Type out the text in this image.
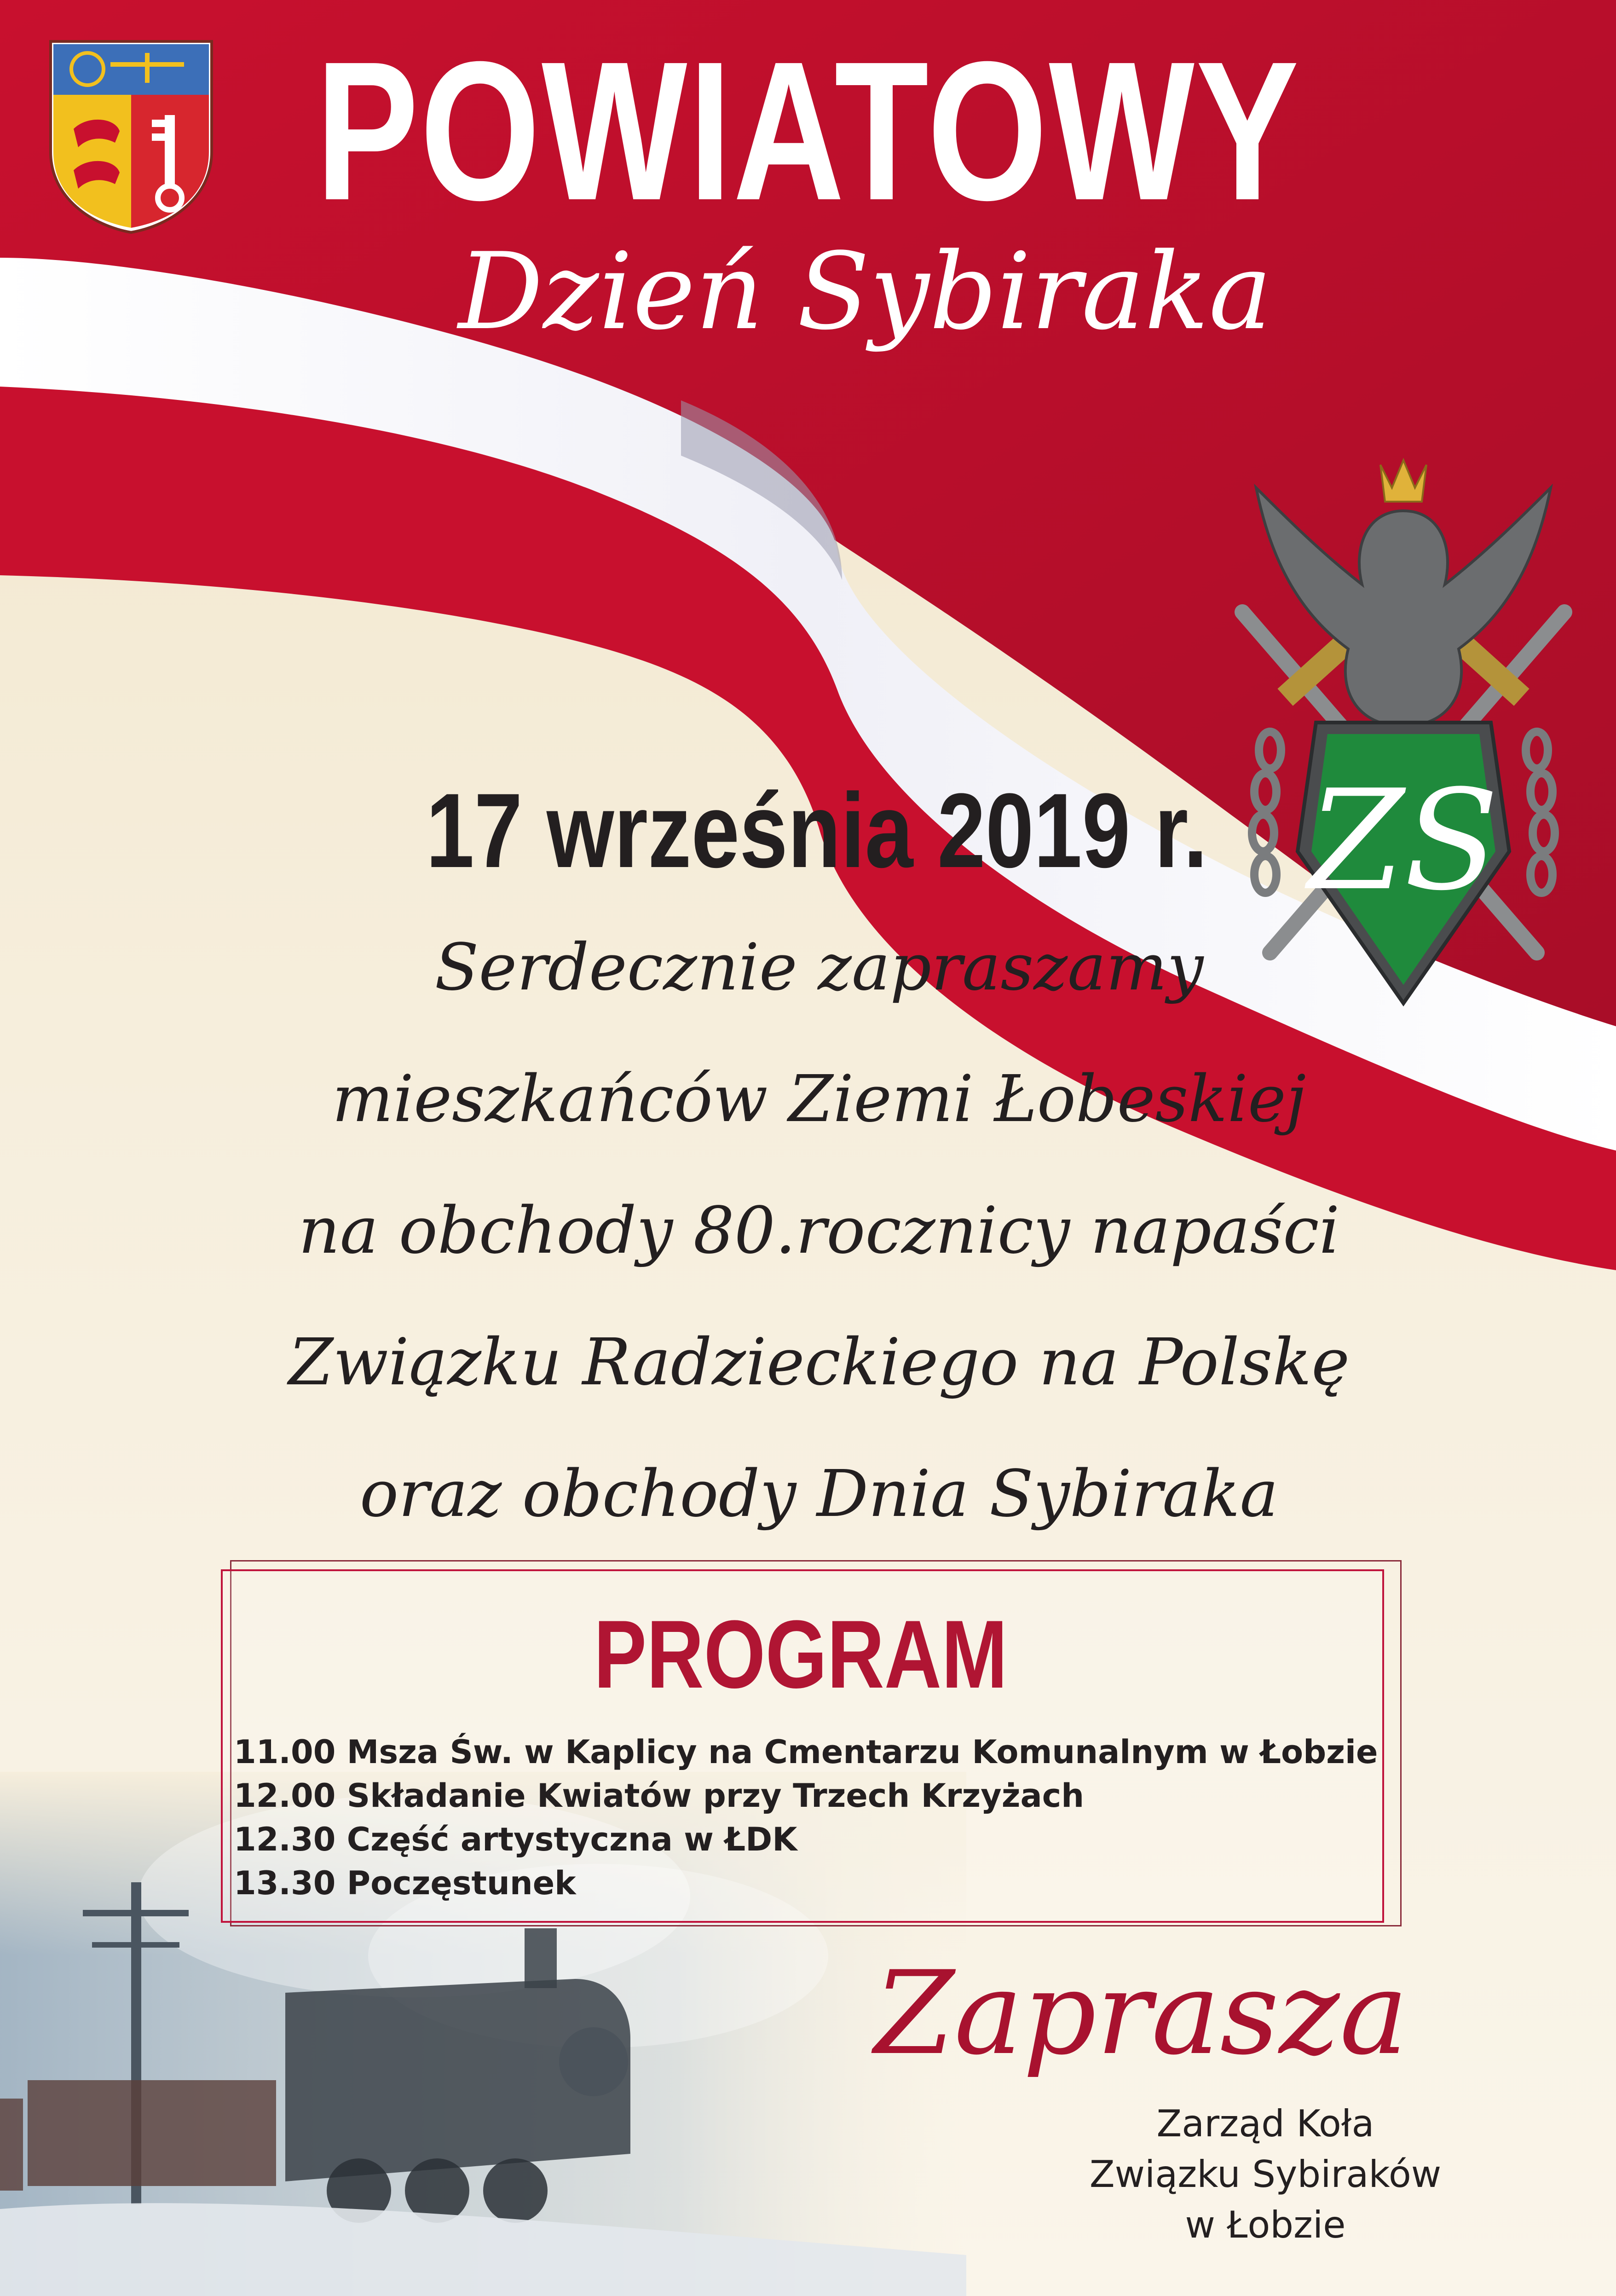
ZS
POWIATOWY
Dzień Sybiraka
17 września 2019 r.
Serdecznie zapraszamy
mieszkańców Ziemi Łobeskiej
na obchody 80.rocznicy napaści
Związku Radzieckiego na Polskę
oraz obchody Dnia Sybiraka
PROGRAM
11.00 Msza Św. w Kaplicy na Cmentarzu Komunalnym w Łobzie
12.00 Składanie Kwiatów przy Trzech Krzyżach
12.30 Część artystyczna w ŁDK
13.30 Poczęstunek
Zaprasza
Zarząd Koła
Związku Sybiraków
w Łobzie
